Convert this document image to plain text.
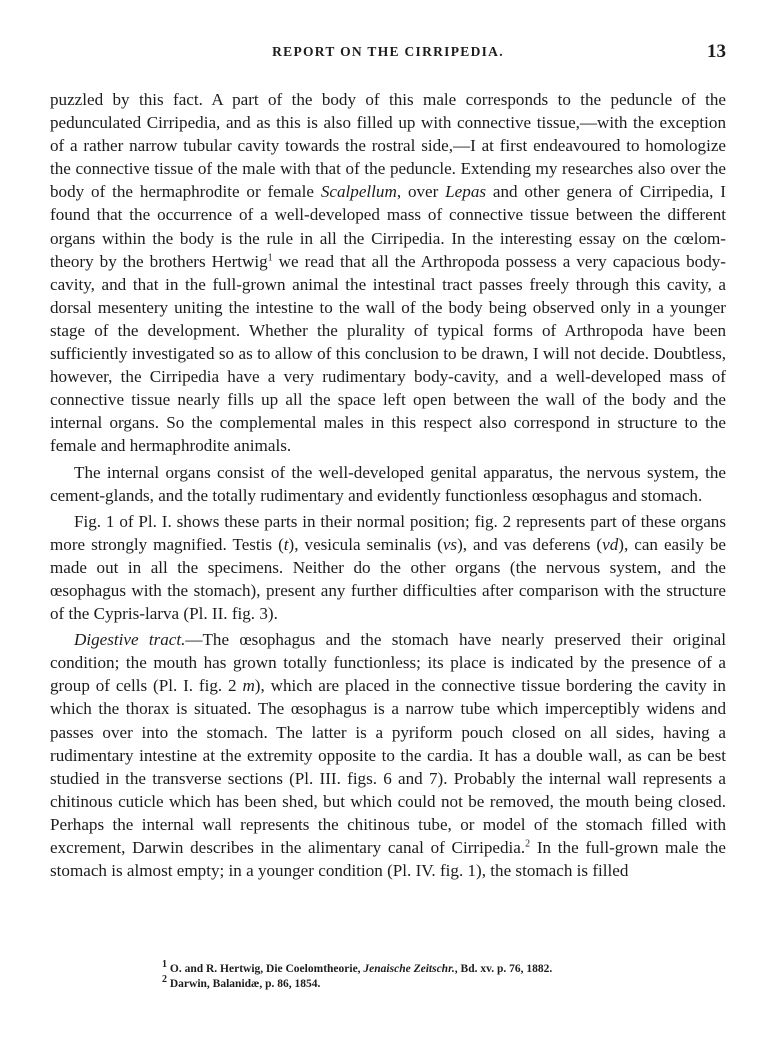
REPORT ON THE CIRRIPEDIA.	13

puzzled by this fact. A part of the body of this male corresponds to the peduncle of the pedunculated Cirripedia, and as this is also filled up with connective tissue,—with the exception of a rather narrow tubular cavity towards the rostral side,—I at first endeavoured to homologize the connective tissue of the male with that of the peduncle. Extending my researches also over the body of the hermaphrodite or female Scalpellum, over Lepas and other genera of Cirripedia, I found that the occurrence of a well-developed mass of connective tissue between the different organs within the body is the rule in all the Cirripedia. In the interesting essay on the cœlom-theory by the brothers Hertwig$^1$ we read that all the Arthropoda possess a very capacious body-cavity, and that in the full-grown animal the intestinal tract passes freely through this cavity, a dorsal mesentery uniting the intestine to the wall of the body being observed only in a younger stage of the development. Whether the plurality of typical forms of Arthropoda have been sufficiently investigated so as to allow of this conclusion to be drawn, I will not decide. Doubtless, however, the Cirripedia have a very rudimentary body-cavity, and a well-developed mass of connective tissue nearly fills up all the space left open between the wall of the body and the internal organs. So the complemental males in this respect also correspond in structure to the female and hermaphrodite animals.

The internal organs consist of the well-developed genital apparatus, the nervous system, the cement-glands, and the totally rudimentary and evidently functionless œsophagus and stomach.

Fig. 1 of Pl. I. shows these parts in their normal position; fig. 2 represents part of these organs more strongly magnified. Testis (t), vesicula seminalis (vs), and vas deferens (vd), can easily be made out in all the specimens. Neither do the other organs (the nervous system, and the œsophagus with the stomach), present any further difficulties after comparison with the structure of the Cypris-larva (Pl. II. fig. 3).

Digestive tract.—The œsophagus and the stomach have nearly preserved their original condition; the mouth has grown totally functionless; its place is indicated by the presence of a group of cells (Pl. I. fig. 2 m), which are placed in the connective tissue bordering the cavity in which the thorax is situated. The œsophagus is a narrow tube which imperceptibly widens and passes over into the stomach. The latter is a pyriform pouch closed on all sides, having a rudimentary intestine at the extremity opposite to the cardia. It has a double wall, as can be best studied in the transverse sections (Pl. III. figs. 6 and 7). Probably the internal wall represents a chitinous cuticle which has been shed, but which could not be removed, the mouth being closed. Perhaps the internal wall represents the chitinous tube, or model of the stomach filled with excrement, Darwin describes in the alimentary canal of Cirripedia.$^2$ In the full-grown male the stomach is almost empty; in a younger condition (Pl. IV. fig. 1), the stomach is filled

$^1$ O. and R. Hertwig, Die Coelomtheorie, Jenaische Zeitschr., Bd. xv. p. 76, 1882.

$^2$ Darwin, Balanidæ, p. 86, 1854.
